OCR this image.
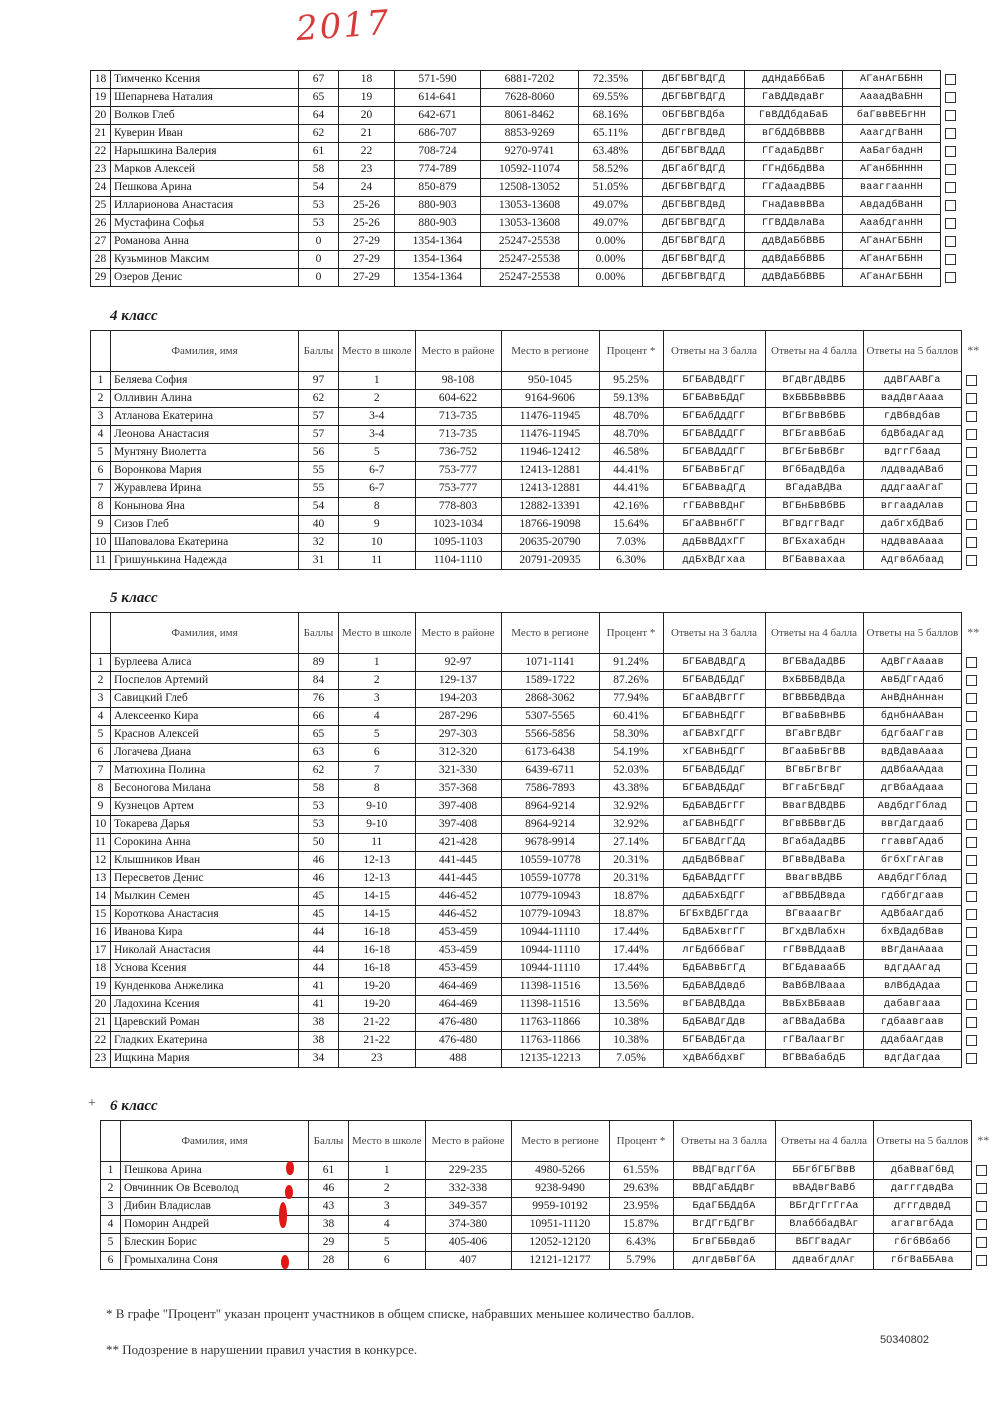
2017
18	Тимченко Ксения	67	18	571-590	6881-7202	72.35%	ДБГБВГВДГД	ддНдаБбБаБ	АГанАгББНН	
19	Шепарнева Наталия	65	19	614-641	7628-8060	69.55%	ДБГБВГВДГД	ГаВДДвдаВг	АааадВаБНН	
20	Волков Глеб	64	20	642-671	8061-8462	68.16%	ОБГБВГВДба	ГвВДДбдаБаБ	баГввВЕБгНН	
21	Куверин Иван	62	21	686-707	8853-9269	65.11%	ДБГгВГВДвД	вГбДДбВВВВ	АаагдгВаНН	
22	Нарышкина Валерия	61	22	708-724	9270-9741	63.48%	ДБГБВГВДдД	ГГадаБдВВг	АаБагбаднН	
23	Марков Алексей	58	23	774-789	10592-11074	58.52%	ДБГабГВДГД	ГГнДбБдВВа	АГанбБНННН	
24	Пешкова Арина	54	24	850-879	12508-13052	51.05%	ДБГБВГВДГД	ГГаДаадВВБ	вааггаанНН	
25	Илларионова Анастасия	53	25-26	880-903	13053-13608	49.07%	ДБГБВГВДвД	ГнаДаввВВа	АвдадбВаНН	
26	Мустафина Софья	53	25-26	880-903	13053-13608	49.07%	ДБГБВГВДГД	ГГВДДвлаВа	АаабдганНН	
27	Романова Анна	0	27-29	1354-1364	25247-25538	0.00%	ДБГБВГВДГД	ддВДаБбВВБ	АГанАгББНН	
28	Кузьминов Максим	0	27-29	1354-1364	25247-25538	0.00%	ДБГБВГВДГД	ддВДаБбВВБ	АГанАгББНН	
29	Озеров Денис	0	27-29	1354-1364	25247-25538	0.00%	ДБГБВГВДГД	ддВДаБбВВБ	АГанАгББНН	
4 класс
	Фамилия, имя	Баллы	Место в школе	Место в районе	Место в регионе	Процент *	Ответы на 3 балла	Ответы на 4 балла	Ответы на 5 баллов	**
1	Беляева София	97	1	98-108	950-1045	95.25%	БГБАВДВДГГ	ВГдВгДВДВБ	ддВГААВГа	
2	Олливин Алина	62	2	604-622	9164-9606	59.13%	БГБАВвБДдГ	ВхБВБВвВВБ	вадДвгАааа	
3	Атланова Екатерина	57	3-4	713-735	11476-11945	48.70%	БГБАбДдДГГ	ВГБгВвВбВБ	гдВбвдбав	
4	Леонова Анастасия	57	3-4	713-735	11476-11945	48.70%	БГБАВДдДГГ	ВГБгавВбаБ	бдВбадАгад	
5	Мунтяну Виолетта	56	5	736-752	11946-12412	46.58%	БГБАВДдДГГ	ВГБгБвВбВг	вдггГбаад	
6	Воронкова Мария	55	6-7	753-777	12413-12881	44.41%	БГБАВвБгдГ	ВГбБадВДба	лддвадАВаб	
7	Журавлева Ирина	55	6-7	753-777	12413-12881	44.41%	БГБАВваДГд	ВГадаВДВа	дддгааАгаГ	
8	Конынова Яна	54	8	778-803	12882-13391	42.16%	гГБАВвВДнГ	ВГБнБвВбВБ	вггаадАлав	
9	Сизов Глеб	40	9	1023-1034	18766-19098	15.64%	БГаАВвнбГГ	ВГвдггВадг	дабгхбДВаб	
10	Шаповалова Екатерина	32	10	1095-1103	20635-20790	7.03%	ддБвВДдхГГ	ВГБхахабдн	нддвавАааа	
11	Гришунькина Надежда	31	11	1104-1110	20791-20935	6.30%	ддБхВДгхаа	ВГБаввахаа	АдгвбАбаад	
5 класс
	Фамилия, имя	Баллы	Место в школе	Место в районе	Место в регионе	Процент *	Ответы на 3 балла	Ответы на 4 балла	Ответы на 5 баллов	**
1	Бурлеева Алиса	89	1	92-97	1071-1141	91.24%	БГБАВДВДГд	ВГБВаДаДВБ	АдВГгАааав	
2	Поспелов Артемий	84	2	129-137	1589-1722	87.26%	БГБАВДБДдГ	ВхБВБВДВДа	АвБДГгАдаб	
3	Савицкий Глеб	76	3	194-203	2868-3062	77.94%	БГаАВДВгГГ	ВГВВБВДВда	АнВДнАннан	
4	Алексеенко Кира	66	4	287-296	5307-5565	60.41%	БГБАВнБДГГ	ВГваБвВнВБ	бднбнААВан	
5	Краснов Алексей	65	5	297-303	5566-5856	58.30%	аГБАВхГДГГ	ВГаВгВДВг	бдгбаАГгав	
6	Логачева Диана	63	6	312-320	6173-6438	54.19%	хГБАВнБДГГ	ВГааБвБгВВ	вдВДавАааа	
7	Матюхина Полина	62	7	321-330	6439-6711	52.03%	БГБАВДБДдГ	ВГвБгВгВг	ддВбаААдаа	
8	Бесоногова Милана	58	8	357-368	7586-7893	43.38%	БГБАВДБДдГ	ВГгаБгБвдГ	дгВбаАдааа	
9	Кузнецов Артем	53	9-10	397-408	8964-9214	32.92%	БдБАВДБгГГ	ВвагВДВДВБ	АвдбдгГблад	
10	Токарева Дарья	53	9-10	397-408	8964-9214	32.92%	аГБАВнБДГГ	ВГвВБВвгДБ	ввгДагдааб	
11	Сорокина Анна	50	11	421-428	9678-9914	27.14%	БГБАВДгГДд	ВГабаДадВБ	ггаввГАдаб	
12	Клышников Иван	46	12-13	441-445	10559-10778	20.31%	ддБдВбВваГ	ВГвВвДВаВа	бгбхГгАгав	
13	Пересветов Денис	46	12-13	441-445	10559-10778	20.31%	БдБАВДдгГГ	ВвагвВДВБ	АвдбдгГблад	
14	Мылкин Семен	45	14-15	446-452	10779-10943	18.87%	ддБАБхБДГГ	аГВВБДВвда	гдббгдгаав	
15	Короткова Анастасия	45	14-15	446-452	10779-10943	18.87%	БГБхВДБГгда	ВГвааагВг	АдВбаАгдаб	
16	Иванова Кира	44	16-18	453-459	10944-11110	17.44%	БдВАБхвгГГ	ВГхдВЛабхн	бхВДадбВав	
17	Николай Анастасия	44	16-18	453-459	10944-11110	17.44%	лгБдбббваГ	гГВвВДдааВ	вВгДанАааа	
18	Уснова Ксения	44	16-18	453-459	10944-11110	17.44%	БдБАВвБгГд	ВГБдаваабБ	вдгдААгад	
19	Кунденкова Анжелика	41	19-20	464-469	11398-11516	13.56%	БдБАВДдвдб	ВаВбВЛВааа	влВбдАдаа	
20	Ладохина Ксения	41	19-20	464-469	11398-11516	13.56%	вГБАВДВДда	ВвБхВБваав	дабавгааа	
21	Царевский Роман	38	21-22	476-480	11763-11866	10.38%	БдБАВДгДдв	аГВВаДабВа	гдбаавгаав	
22	Гладких Екатерина	38	21-22	476-480	11763-11866	10.38%	БГБАВДБгда	гГВаЛаагВг	ддабаАгдав	
23	Ищкина Мария	34	23	488	12135-12213	7.05%	хдВАббдхвГ	ВГВВабабдБ	вдгДагдаа	
+ 6 класс
	Фамилия, имя	Баллы	Место в школе	Место в районе	Место в регионе	Процент *	Ответы на 3 балла	Ответы на 4 балла	Ответы на 5 баллов	**
1	Пешкова Арина	61	1	229-235	4980-5266	61.55%	ВВДГвдгГбА	ББгбГБГВвВ	дбаВваГбвД	
2	Овчинник Ов Всеволод	46	2	332-338	9238-9490	29.63%	ВВДГаБДдВг	вВАДвгВаВб	дагггдвдВа	
3	Дибин Владислав	43	3	349-357	9959-10192	23.95%	БдаГББДдбА	ВБгДгГгГгАа	дгггдвдвД	
4	Поморин Андрей	38	4	374-380	10951-11120	15.87%	ВгДГгБДГВг	ВлабббадВАг	агагвгбАда	
5	Блескин Борис	29	5	405-406	12052-12120	6.43%	БгвГББвдаб	ВБГГвадАг	гбгбВбабб	
6	Громыхалина Соня	28	6	407	12121-12177	5.79%	длгдвБвГбА	ддвабгдлАг	гбгВаББАва	
* В графе "Процент" указан процент участников в общем списке, набравших меньшее количество баллов.
50340802
** Подозрение в нарушении правил участия в конкурсе.
